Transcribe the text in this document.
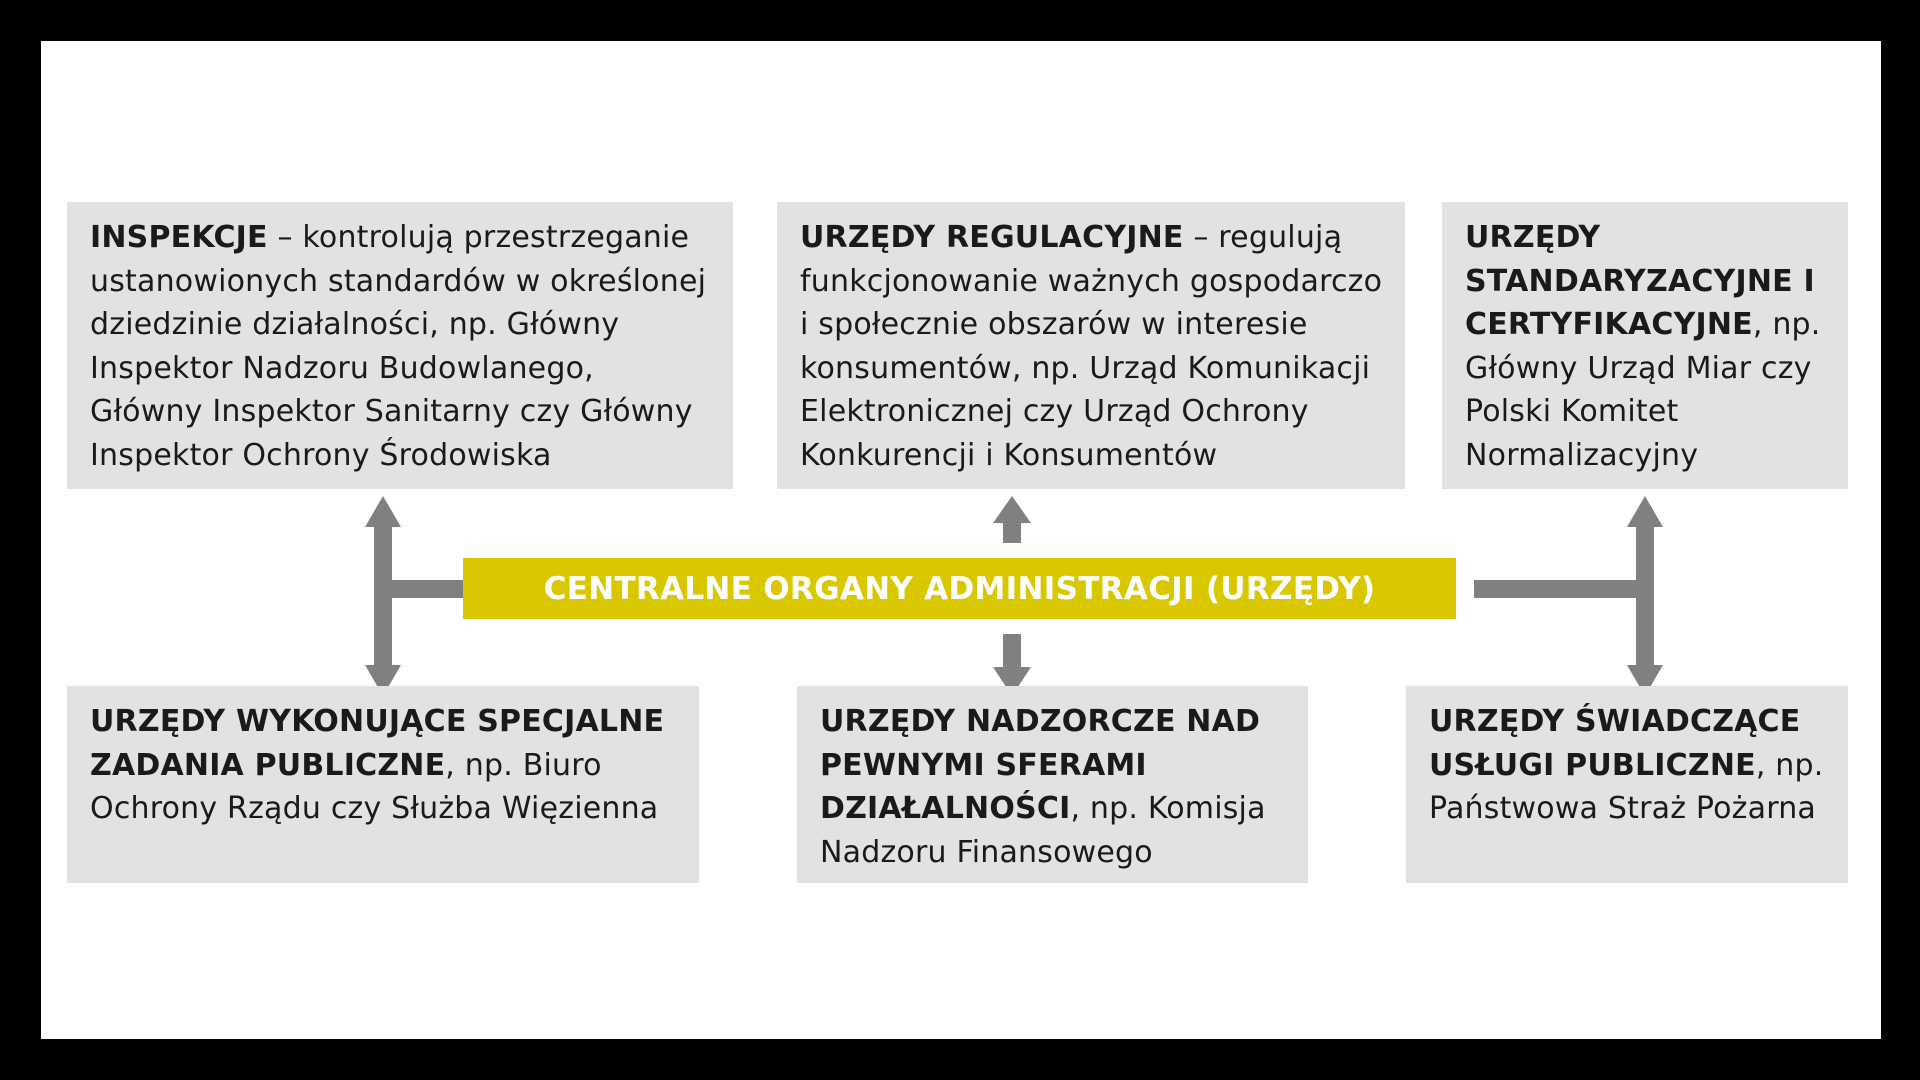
INSPEKCJE – kontrolują przestrzeganie ustanowionych standardów w określonej dziedzinie działalności, np. Główny Inspektor Nadzoru Budowlanego, Główny Inspektor Sanitarny czy Główny Inspektor Ochrony Środowiska
URZĘDY REGULACYJNE – regulują funkcjonowanie ważnych gospodarczo i społecznie obszarów w interesie konsumentów, np. Urząd Komunikacji Elektronicznej czy Urząd Ochrony Konkurencji i Konsumentów
URZĘDY STANDARYZACYJNE I CERTYFIKACYJNE, np. Główny Urząd Miar czy Polski Komitet Normalizacyjny
CENTRALNE ORGANY ADMINISTRACJI (URZĘDY)
URZĘDY WYKONUJĄCE SPECJALNE ZADANIA PUBLICZNE, np. Biuro Ochrony Rządu czy Służba Więzienna
URZĘDY NADZORCZE NAD PEWNYMI SFERAMI DZIAŁALNOŚCI, np. Komisja Nadzoru Finansowego
URZĘDY ŚWIADCZĄCE USŁUGI PUBLICZNE, np. Państwowa Straż Pożarna
